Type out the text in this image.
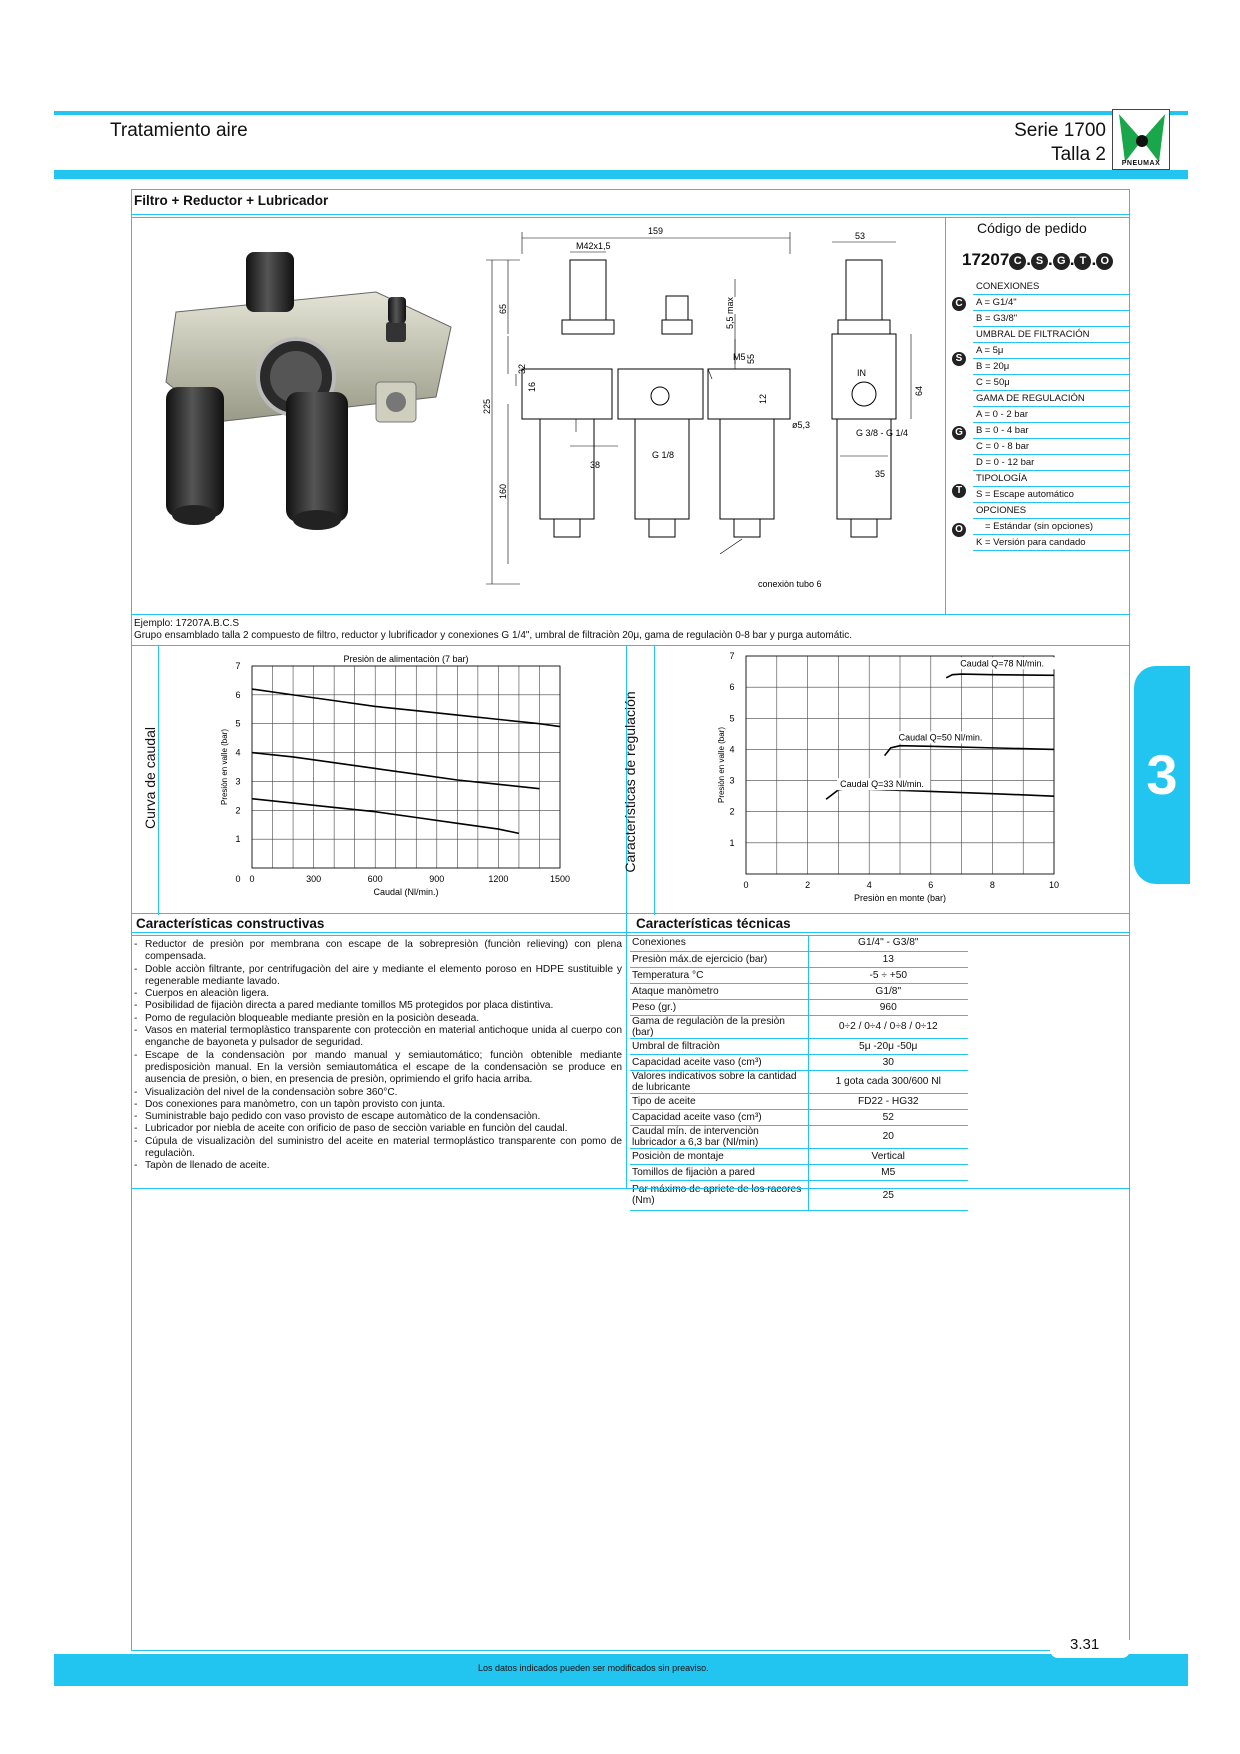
Tratamiento aire	Serie 1700
Talla 2	PNEUMAX
Filtro + Reductor + Lubricador
159
M42x1,5
53
65
225
32
16
160
5,5 max
M5 55
12
ø5,3
IN
64
G 1/8
38
G 3/8 - G 1/4
35
conexiòn tubo 6
Código de pedido
17207 C . S . G . T . O
CONEXIONES
A = G1/4"
B = G3/8"
UMBRAL DE FILTRACIÓN
A = 5μ
B = 20μ
C = 50μ
GAMA DE REGULACIÓN
A = 0 - 2 bar
B = 0 - 4 bar
C = 0 - 8 bar
D = 0 - 12 bar
TIPOLOGÍA
S = Escape automático
OPCIONES
= Estándar (sin opciones)
K = Versión para candado
C
S
G
T
O
Ejemplo: 17207A.B.C.S
Grupo ensamblado talla 2 compuesto de filtro, reductor y lubrificador y conexiones G 1/4", umbral de filtraciòn 20μ, gama de regulaciòn 0-8 bar y purga automátic.
Curva de caudal	Características de regulación
0	300	600	900	1200	1500
1
2
3
4
5
6
7
0
Presiòn de alimentaciòn (7 bar)
Caudal (Nl/min.)
Presiòn en valle (bar)
0	2	4	6	8	10
1
2
3
4
5
6
7
Presiòn en monte (bar)
Presiòn en valle (bar)
Caudal Q=78 Nl/min.
Caudal Q=50 Nl/min.
Caudal Q=33 Nl/min.
Características constructivas	Características técnicas
- Reductor de presiòn por membrana con escape de la sobrepresiòn (funciòn relieving) con plena compensada.
- Doble acciòn filtrante, por centrifugaciòn del aire y mediante el elemento poroso en HDPE sustituible y regenerable mediante lavado.
- Cuerpos en aleaciòn ligera.
- Posibilidad de fijaciòn directa a pared mediante tomillos M5 protegidos por placa distintiva.
- Pomo de regulaciòn bloqueable mediante presiòn en la posiciòn deseada.
- Vasos en material termoplàstico transparente con protecciòn en material antichoque unida al cuerpo con enganche de bayoneta y pulsador de seguridad.
- Escape de la condensaciòn por mando manual y semiautomático; funciòn obtenible mediante predisposiciòn manual. En la versiòn semiautomática el escape de la condensaciòn se produce en ausencia de presiòn, o bien, en presencia de presiòn, oprimiendo el grifo hacia arriba.
- Visualizaciòn del nivel de la condensaciòn sobre 360°C.
- Dos conexiones para manòmetro, con un tapòn provisto con junta.
- Suministrable bajo pedido con vaso provisto de escape automàtico de la condensaciòn.
- Lubricador por niebla de aceite con orificio de paso de secciòn variable en funciòn del caudal.
- Cúpula de visualizaciòn del suministro del aceite en material termoplástico transparente con pomo de regulaciòn.
- Tapòn de llenado de aceite.
Conexiones	G1/4" - G3/8"
Presiòn máx.de ejercicio (bar)	13
Temperatura °C	-5 ÷ +50
Ataque manòmetro	G1/8"
Peso (gr.)	960
Gama de regulaciòn de la presiòn (bar)	0÷2 / 0÷4 / 0÷8 / 0÷12
Umbral de filtraciòn	5μ -20μ -50μ
Capacidad aceite vaso (cm³)	30
Valores indicativos sobre la cantidad de lubricante	1 gota cada 300/600 Nl
Tipo de aceite	FD22 - HG32
Capacidad aceite vaso (cm³)	52
Caudal mín. de intervenciòn lubricador a 6,3 bar (Nl/min)	20
Posiciòn de montaje	Vertical
Tomillos de fijaciòn a pared	M5
Par máximo de apriete de los racores (Nm)	25
3
Los datos indicados pueden ser modificados sin preaviso.
3.31
